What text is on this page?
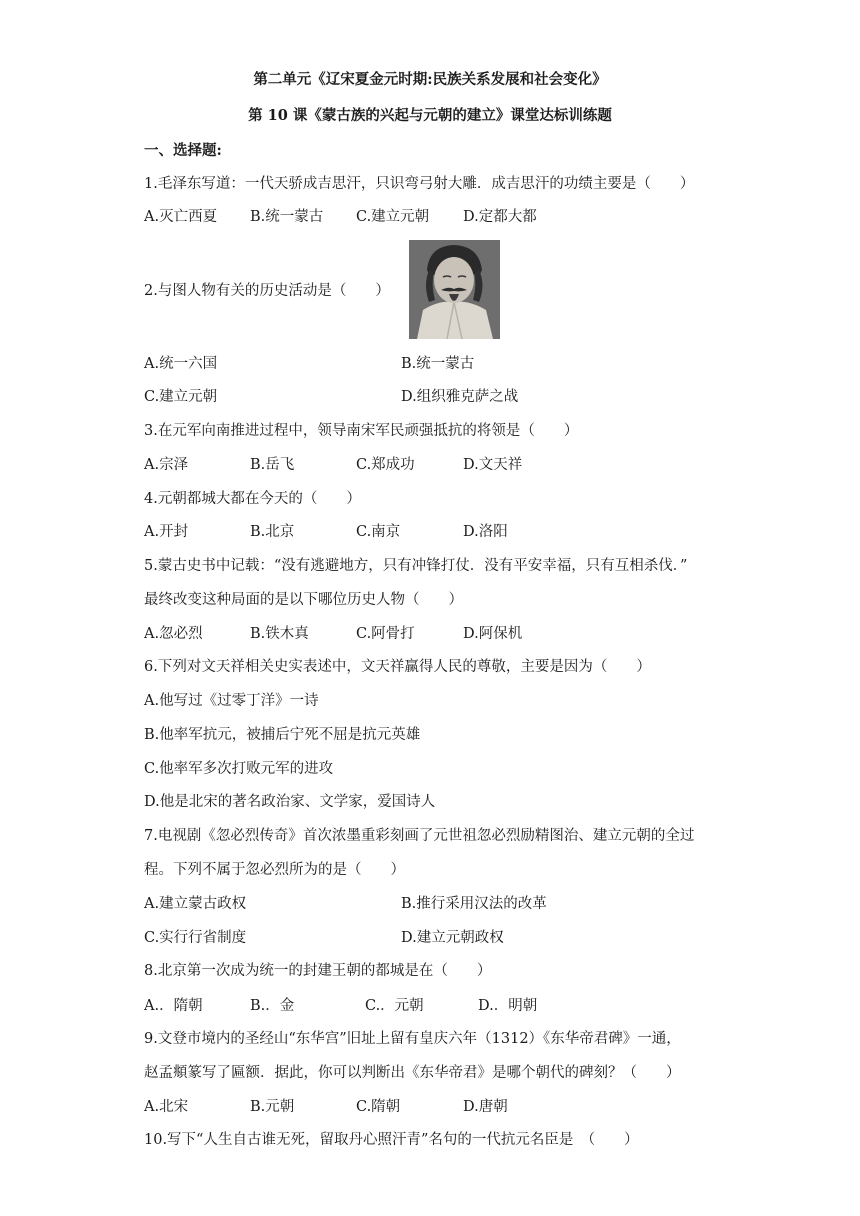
第二单元《辽宋夏金元时期:民族关系发展和社会变化》
第 10 课《蒙古族的兴起与元朝的建立》课堂达标训练题
一、选择题:
1.毛泽东写道：一代天骄成吉思汗，只识弯弓射大雕．成吉思汗的功绩主要是（　　）
A.灭亡西夏 B.统一蒙古 C.建立元朝 D.定都大都
2.与图人物有关的历史活动是（　　）
A.统一六国	B.统一蒙古
C.建立元朝	D.组织雅克萨之战
3.在元军向南推进过程中，领导南宋军民顽强抵抗的将领是（　　）
A.宗泽	B.岳飞	C.郑成功	D.文天祥
4.元朝都城大都在今天的（　　）
A.开封	B.北京	C.南京	D.洛阳
5.蒙古史书中记载：“没有逃避地方，只有冲锋打仗．没有平安幸福，只有互相杀伐．”
最终改变这种局面的是以下哪位历史人物（　　）
A.忽必烈	B.铁木真	C.阿骨打	D.阿保机
6.下列对文天祥相关史实表述中，文天祥赢得人民的尊敬，主要是因为（　　）
A.他写过《过零丁洋》一诗
B.他率军抗元，被捕后宁死不屈是抗元英雄
C.他率军多次打败元军的进攻
D.他是北宋的著名政治家、文学家，爱国诗人
7.电视剧《忽必烈传奇》首次浓墨重彩刻画了元世祖忽必烈励精图治、建立元朝的全过
程。下列不属于忽必烈所为的是（　　）
A.建立蒙古政权	B.推行采用汉法的改革
C.实行行省制度	D.建立元朝政权
8.北京第一次成为统一的封建王朝的都城是在（　　）
A.．隋朝	B.．金	C.．元朝	D.．明朝
9.文登市境内的圣经山“东华宫”旧址上留有皇庆六年（1312）《东华帝君碑》一通，
赵孟頫篆写了匾额．据此，你可以判断出《东华帝君》是哪个朝代的碑刻？（　　）
A.北宋	B.元朝	C.隋朝	D.唐朝
10.写下“人生自古谁无死，留取丹心照汗青”名句的一代抗元名臣是　（　　）
